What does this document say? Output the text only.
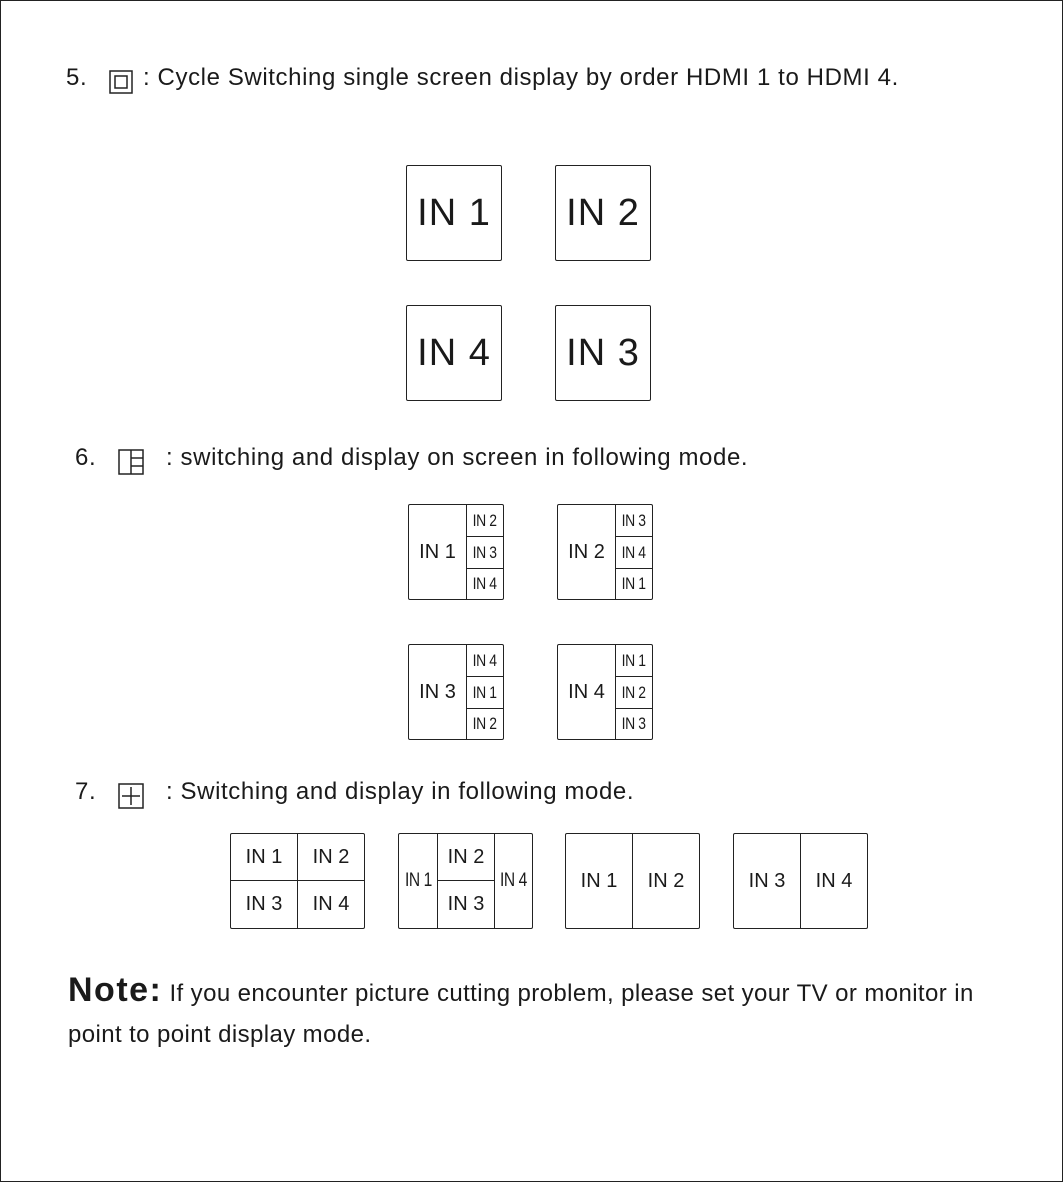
5. : Cycle Switching single screen display by order HDMI 1 to HDMI 4.
IN 1 IN 2
IN 4 IN 3
6.	: switching and display on screen in following mode.
IN 1
IN 2
IN 3
IN 4
IN 2
IN 3
IN 4
IN 1
IN 3
IN 4
IN 1
IN 2
IN 4
IN 1
IN 2
IN 3
7.	: Switching and display in following mode.
IN 1	IN 2
IN 3	IN 4
IN 1
IN 2
IN 3
IN 4	IN 1	IN 2	IN 3	IN 4
Note: If you encounter picture cutting problem, please set your TV or monitor in point to point display mode.
